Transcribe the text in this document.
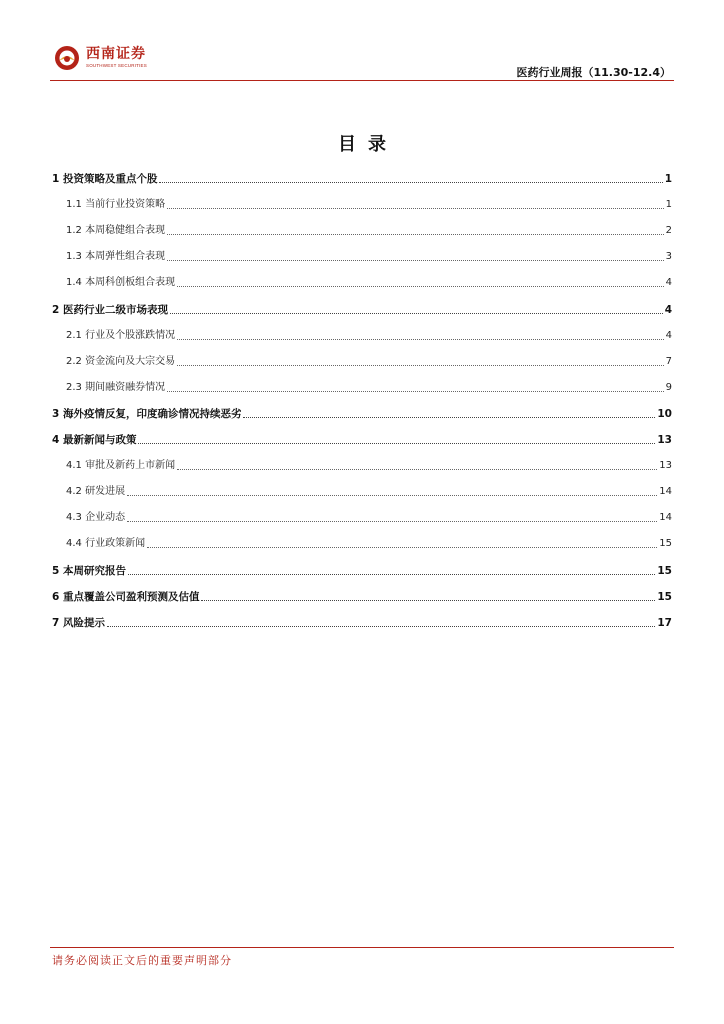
西南证券
SOUTHWEST SECURITIES
医药行业周报（11.30-12.4）
目录
1 投资策略及重点个股	1
1.1 当前行业投资策略	1
1.2 本周稳健组合表现	2
1.3 本周弹性组合表现	3
1.4 本周科创板组合表现	4
2 医药行业二级市场表现	4
2.1 行业及个股涨跌情况	4
2.2 资金流向及大宗交易	7
2.3 期间融资融券情况	9
3 海外疫情反复，印度确诊情况持续恶劣	10
4 最新新闻与政策	13
4.1 审批及新药上市新闻	13
4.2 研发进展	14
4.3 企业动态	14
4.4 行业政策新闻	15
5 本周研究报告	15
6 重点覆盖公司盈利预测及估值	15
7 风险提示	17
请务必阅读正文后的重要声明部分
